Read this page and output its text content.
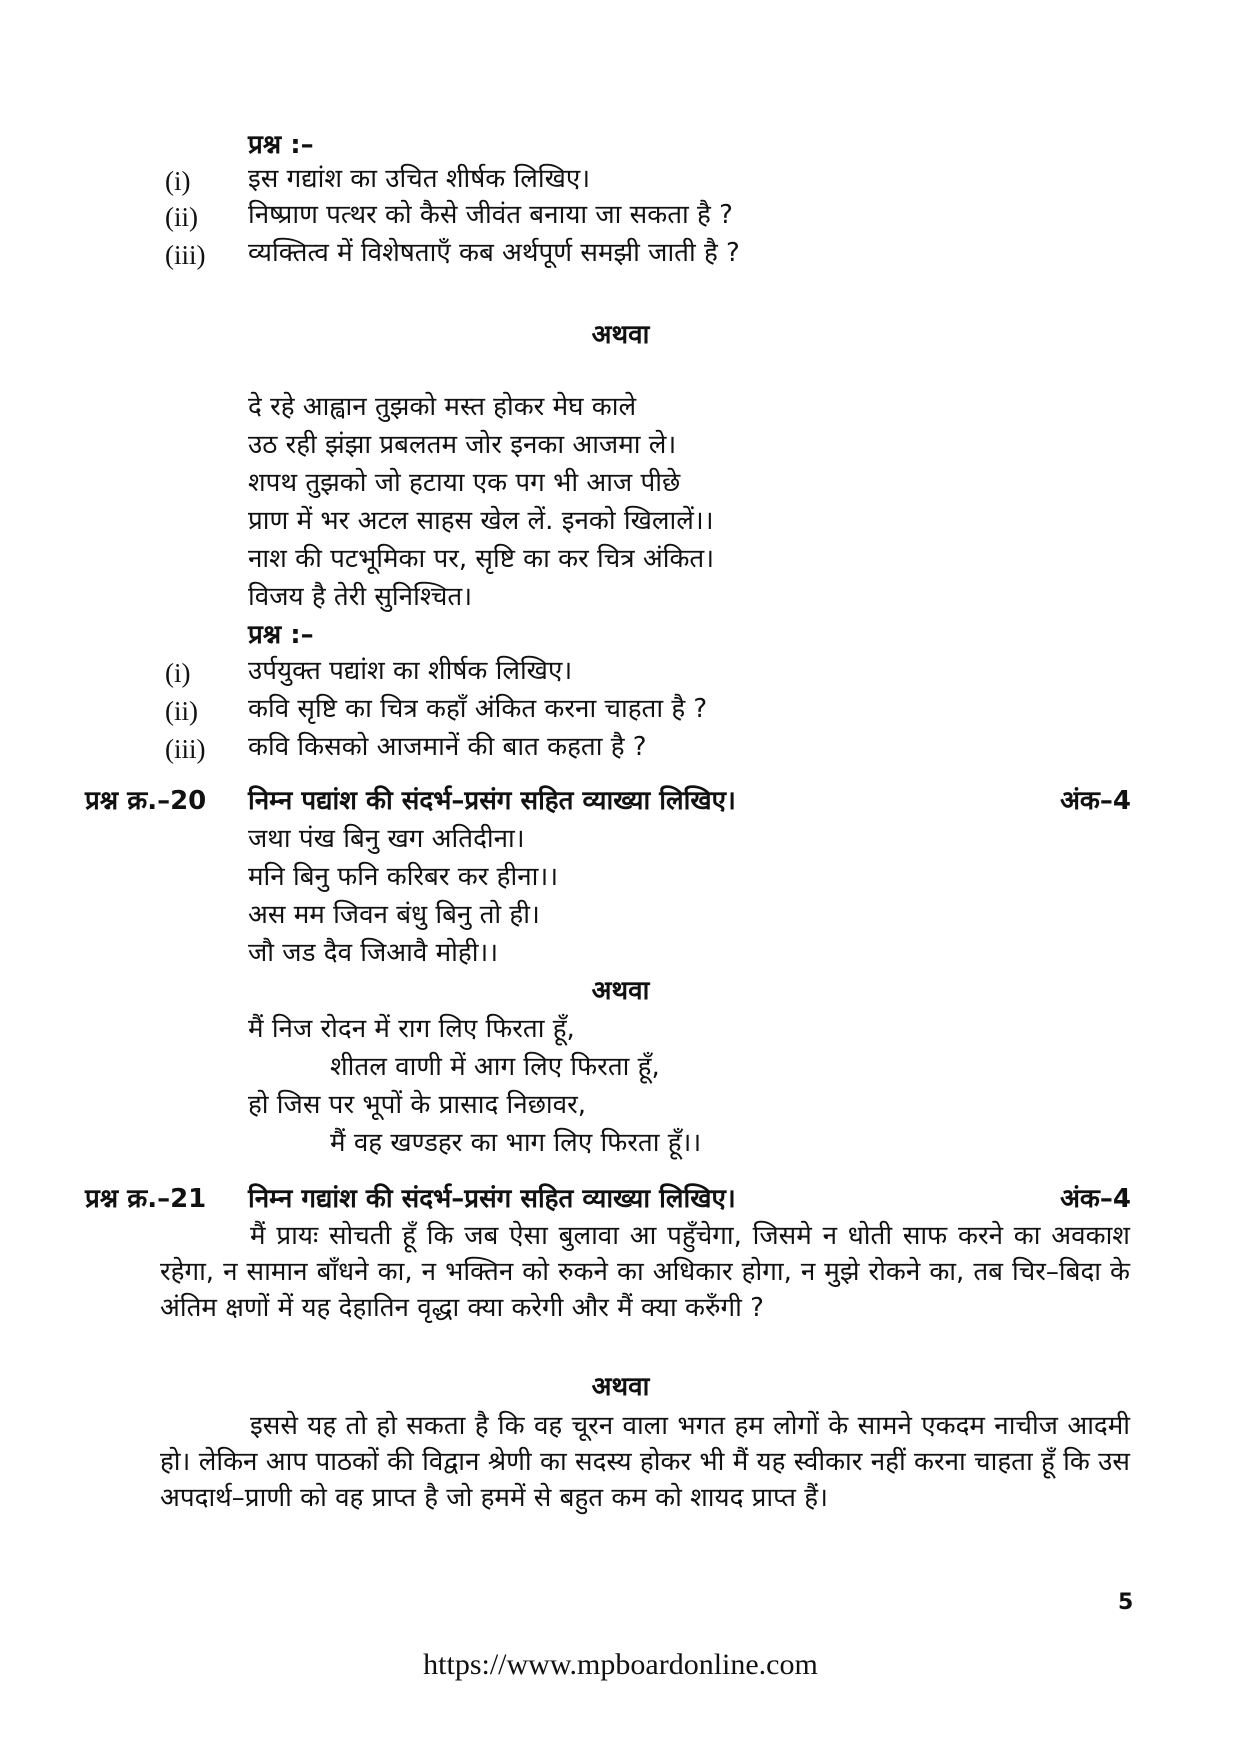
प्रश्न :–
(i) इस गद्यांश का उचित शीर्षक लिखिए।
(ii) निष्प्राण पत्थर को कैसे जीवंत बनाया जा सकता है ?
(iii) व्यक्तित्व में विशेषताएँ कब अर्थपूर्ण समझी जाती है ?
अथवा
दे रहे आह्वान तुझको मस्त होकर मेघ काले
उठ रही झंझा प्रबलतम जोर इनका आजमा ले।
शपथ तुझको जो हटाया एक पग भी आज पीछे
प्राण में भर अटल साहस खेल लें. इनको खिलालें।।
नाश की पटभूमिका पर, सृष्टि का कर चित्र अंकित।
विजय है तेरी सुनिश्चित।
प्रश्न :–
(i) उर्पयुक्त पद्यांश का शीर्षक लिखिए।
(ii) कवि सृष्टि का चित्र कहाँ अंकित करना चाहता है ?
(iii) कवि किसको आजमानें की बात कहता है ?
प्रश्न क्र.–20 निम्न पद्यांश की संदर्भ–प्रसंग सहित व्याख्या लिखिए।	अंक–4
जथा पंख बिनु खग अतिदीना।
मनि बिनु फनि करिबर कर हीना।।
अस मम जिवन बंधु बिनु तो ही।
जौ जड दैव जिआवै मोही।।
अथवा
मैं निज रोदन में राग लिए फिरता हूँ,
शीतल वाणी में आग लिए फिरता हूँ,
हो जिस पर भूपों के प्रासाद निछावर,
मैं वह खण्डहर का भाग लिए फिरता हूँ।।
प्रश्न क्र.–21 निम्न गद्यांश की संदर्भ–प्रसंग सहित व्याख्या लिखिए।	अंक–4
मैं प्रायः सोचती हूँ कि जब ऐसा बुलावा आ पहुँचेगा, जिसमे न धोती साफ करने का अवकाश रहेगा, न सामान बाँधने का, न भक्तिन को रुकने का अधिकार होगा, न मुझे रोकने का, तब चिर–बिदा के अंतिम क्षणों में यह देहातिन वृद्धा क्या करेगी और मैं क्या करुँगी ?
अथवा
इससे यह तो हो सकता है कि वह चूरन वाला भगत हम लोगों के सामने एकदम नाचीज आदमी हो। लेकिन आप पाठकों की विद्वान श्रेणी का सदस्य होकर भी मैं यह स्वीकार नहीं करना चाहता हूँ कि उस अपदार्थ–प्राणी को वह प्राप्त है जो हममें से बहुत कम को शायद प्राप्त हैं।
5
https://www.mpboardonline.com
